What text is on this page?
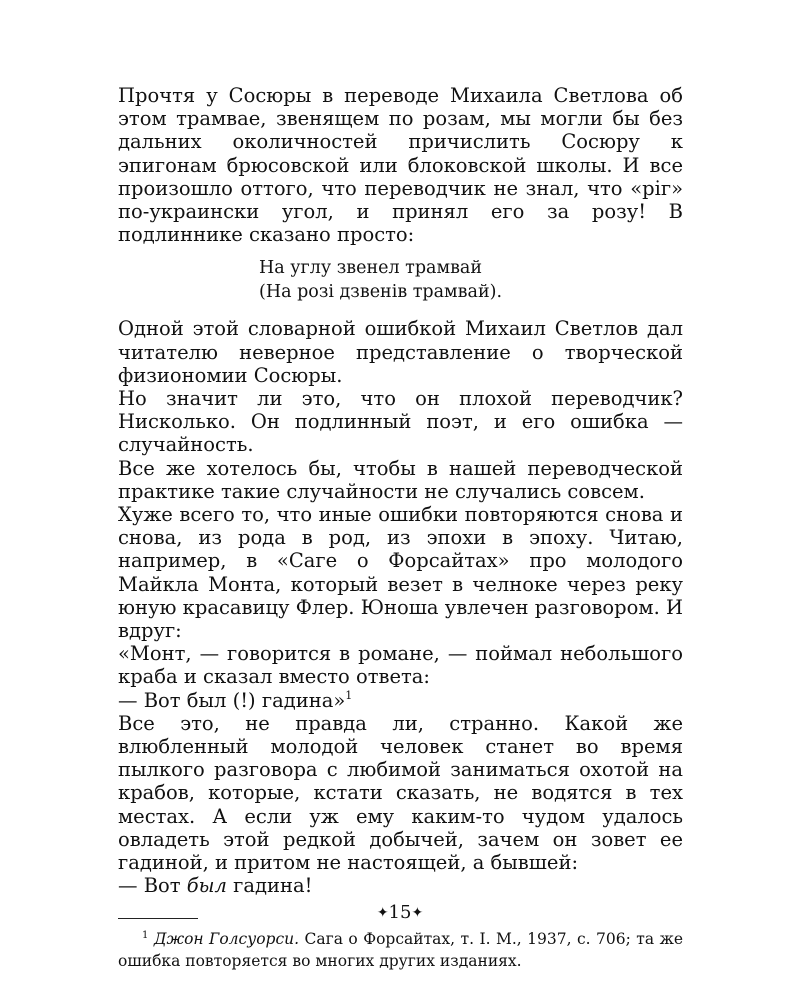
Прочтя у Сосюры в переводе Михаила Светлова об этом трамвае, звенящем по розам, мы могли бы без дальних околичностей причислить Сосюру к эпигонам брюсовской или блоковской школы. И все произошло оттого, что переводчик не знал, что «ріг» по-украински угол, и принял его за розу! В подлиннике сказано просто:

На углу звенел трамвай
(На розі дзвенів трамвай).

Одной этой словарной ошибкой Михаил Светлов дал читателю неверное представление о творческой физиономии Сосюры.

Но значит ли это, что он плохой переводчик? Нисколько. Он подлинный поэт, и его ошибка — случайность.

Все же хотелось бы, чтобы в нашей переводческой практике такие случайности не случались совсем.

Хуже всего то, что иные ошибки повторяются снова и снова, из рода в род, из эпохи в эпоху. Читаю, например, в «Саге о Форсайтах» про молодого Майкла Монта, который везет в челноке через реку юную красавицу Флер. Юноша увлечен разговором. И вдруг:

«Монт, — говорится в романе, — поймал небольшого краба и сказал вместо ответа:

— Вот был (!) гадина»$^1$

Все это, не правда ли, странно. Какой же влюбленный молодой человек станет во время пылкого разговора с любимой заниматься охотой на крабов, которые, кстати сказать, не водятся в тех местах. А если уж ему каким-то чудом удалось овладеть этой редкой добычей, зачем он зовет ее гадиной, и притом не настоящей, а бывшей:

— Вот был гадина!

$^1$ Джон Голсуорси. Сага о Форсайтах, т. I. М., 1937, с. 706; та же ошибка повторяется во многих других изданиях.
✦15✦
